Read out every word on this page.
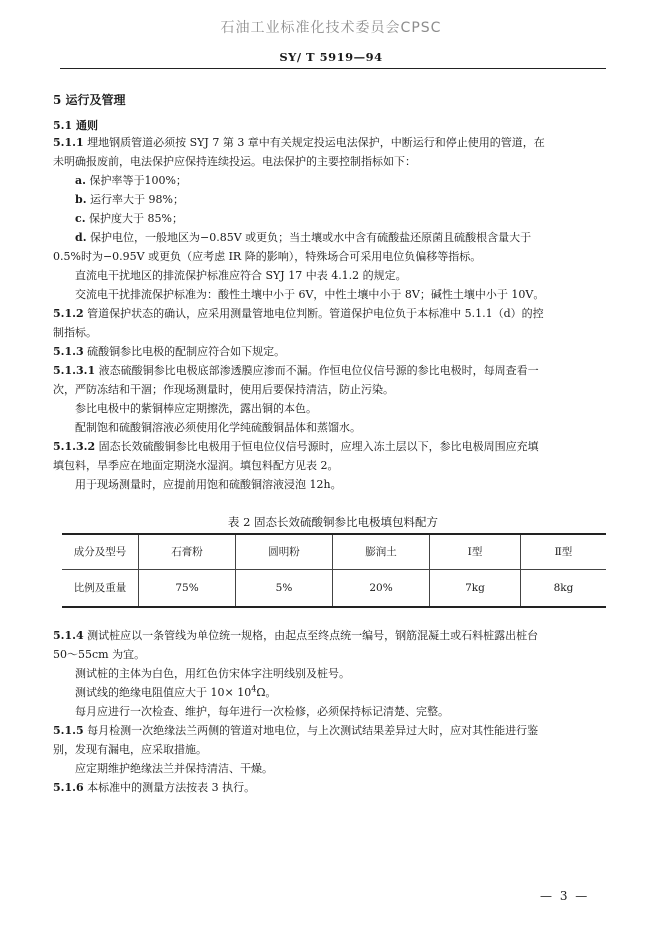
石油工业标准化技术委员会CPSC
SY/ T 5919—94
5 运行及管理
5.1 通则
5.1.1 埋地钢质管道必须按 SYJ 7 第 3 章中有关规定投运电法保护，中断运行和停止使用的管道，在
未明确报废前，电法保护应保持连续投运。电法保护的主要控制指标如下：
a. 保护率等于100%；
b. 运行率大于 98%；
c. 保护度大于 85%；
d. 保护电位，一般地区为−0.85V 或更负；当土壤或水中含有硫酸盐还原菌且硫酸根含量大于
0.5%时为−0.95V 或更负（应考虑 IR 降的影响），特殊场合可采用电位负偏移等指标。
直流电干扰地区的排流保护标准应符合 SYJ 17 中表 4.1.2 的规定。
交流电干扰排流保护标准为：酸性土壤中小于 6V，中性土壤中小于 8V；碱性土壤中小于 10V。
5.1.2 管道保护状态的确认，应采用测量管地电位判断。管道保护电位负于本标准中 5.1.1（d）的控
制指标。
5.1.3 硫酸铜参比电极的配制应符合如下规定。
5.1.3.1 液态硫酸铜参比电极底部渗透膜应渗而不漏。作恒电位仪信号源的参比电极时，每周查看一
次，严防冻结和干涸；作现场测量时，使用后要保持清洁，防止污染。
参比电极中的紫铜棒应定期擦洗，露出铜的本色。
配制饱和硫酸铜溶液必须使用化学纯硫酸铜晶体和蒸馏水。
5.1.3.2 固态长效硫酸铜参比电极用于恒电位仪信号源时，应埋入冻土层以下，参比电极周围应充填
填包料，旱季应在地面定期浇水湿润。填包料配方见表 2。
用于现场测量时，应提前用饱和硫酸铜溶液浸泡 12h。
表 2 固态长效硫酸铜参比电极填包料配方
成分及型号	石膏粉	圆明粉	膨润土	Ⅰ型	Ⅱ型
比例及重量	75%	5%	20%	7kg	8kg
5.1.4 测试桩应以一条管线为单位统一规格，由起点至终点统一编号，钢筋混凝土或石料桩露出桩台
50～55cm 为宜。
测试桩的主体为白色，用红色仿宋体字注明线别及桩号。
测试线的绝缘电阻值应大于 $10\times 10^4\Omega$。
每月应进行一次检查、维护，每年进行一次检修，必须保持标记清楚、完整。
5.1.5 每月检测一次绝缘法兰两侧的管道对地电位，与上次测试结果差异过大时，应对其性能进行鉴
别，发现有漏电，应采取措施。
应定期维护绝缘法兰并保持清洁、干燥。
5.1.6 本标准中的测量方法按表 3 执行。
— 3 —
